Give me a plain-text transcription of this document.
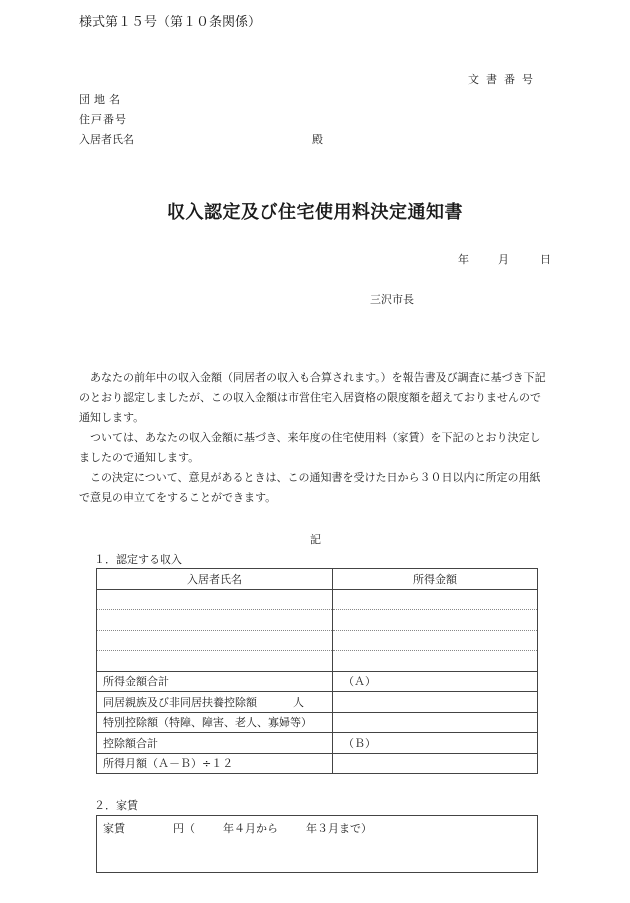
様式第１５号（第１０条関係）
文書番号
団地名
住戸番号
入居者氏名	殿
収入認定及び住宅使用料決定通知書
年	月	日
三沢市長

あなたの前年中の収入金額（同居者の収入も合算されます。）を報告書及び調査に基づき下記のとおり認定しましたが、この収入金額は市営住宅入居資格の限度額を超えておりませんので通知します。

ついては、あなたの収入金額に基づき、来年度の住宅使用料（家賃）を下記のとおり決定しましたので通知します。

この決定について、意見があるときは、この通知書を受けた日から３０日以内に所定の用紙で意見の申立てをすることができます。

記
１．認定する収入
入居者氏名	所得金額

所得金額合計	（Ａ）
同居親族及び非同居扶養控除額 人	
特別控除額（特障、障害、老人、寡婦等）	
控除額合計	（Ｂ）
所得月額（Ａ－Ｂ）÷１２	
２．家賃
家賃	円（	年４月から	年３月まで）
